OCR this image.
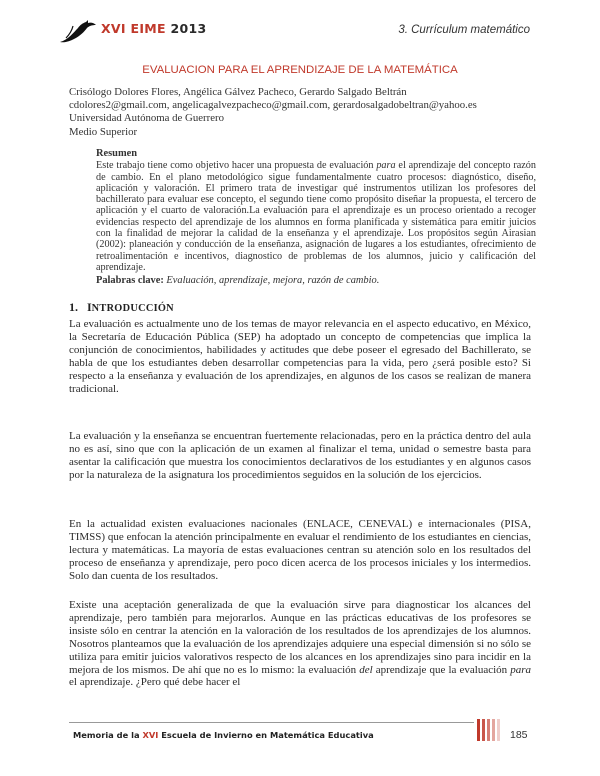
XVI EIME 2013	3. Currículum matemático
EVALUACION PARA EL APRENDIZAJE DE LA MATEMÁTICA
Crisólogo Dolores Flores, Angélica Gálvez Pacheco, Gerardo Salgado Beltrán
cdolores2@gmail.com, angelicagalvezpacheco@gmail.com, gerardosalgadobeltran@yahoo.es
Universidad Autónoma de Guerrero
Medio Superior
Resumen
Este trabajo tiene como objetivo hacer una propuesta de evaluación para el aprendizaje del concepto razón de cambio. En el plano metodológico sigue fundamentalmente cuatro procesos: diagnóstico, diseño, aplicación y valoración. El primero trata de investigar qué instrumentos utilizan los profesores del bachillerato para evaluar ese concepto, el segundo tiene como propósito diseñar la propuesta, el tercero de aplicación y el cuarto de valoración.La evaluación para el aprendizaje es un proceso orientado a recoger evidencias respecto del aprendizaje de los alumnos en forma planificada y sistemática para emitir juicios con la finalidad de mejorar la calidad de la enseñanza y el aprendizaje. Los propósitos según Airasian (2002): planeación y conducción de la enseñanza, asignación de lugares a los estudiantes, ofrecimiento de retroalimentación e incentivos, diagnostico de problemas de los alumnos, juicio y calificación del aprendizaje.
Palabras clave: Evaluación, aprendizaje, mejora, razón de cambio.
1. INTRODUCCIÓN
La evaluación es actualmente uno de los temas de mayor relevancia en el aspecto educativo, en México, la Secretaría de Educación Pública (SEP) ha adoptado un concepto de competencias que implica la conjunción de conocimientos, habilidades y actitudes que debe poseer el egresado del Bachillerato, se habla de que los estudiantes deben desarrollar competencias para la vida, pero ¿será posible esto? Si respecto a la enseñanza y evaluación de los aprendizajes, en algunos de los casos se realizan de manera tradicional.
La evaluación y la enseñanza se encuentran fuertemente relacionadas, pero en la práctica dentro del aula no es así, sino que con la aplicación de un examen al finalizar el tema, unidad o semestre basta para asentar la calificación que muestra los conocimientos declarativos de los estudiantes y en algunos casos por la naturaleza de la asignatura los procedimientos seguidos en la solución de los ejercicios.
En la actualidad existen evaluaciones nacionales (ENLACE, CENEVAL) e internacionales (PISA, TIMSS) que enfocan la atención principalmente en evaluar el rendimiento de los estudiantes en ciencias, lectura y matemáticas. La mayoría de estas evaluaciones centran su atención solo en los resultados del proceso de enseñanza y aprendizaje, pero poco dicen acerca de los procesos iniciales y los intermedios. Solo dan cuenta de los resultados.
Existe una aceptación generalizada de que la evaluación sirve para diagnosticar los alcances del aprendizaje, pero también para mejorarlos. Aunque en las prácticas educativas de los profesores se insiste sólo en centrar la atención en la valoración de los resultados de los aprendizajes de los alumnos. Nosotros planteamos que la evaluación de los aprendizajes adquiere una especial dimensión si no sólo se utiliza para emitir juicios valorativos respecto de los alcances en los aprendizajes sino para incidir en la mejora de los mismos. De ahí que no es lo mismo: la evaluación del aprendizaje que la evaluación para el aprendizaje. ¿Pero qué debe hacer el
Memoria de la XVI Escuela de Invierno en Matemática Educativa	185
